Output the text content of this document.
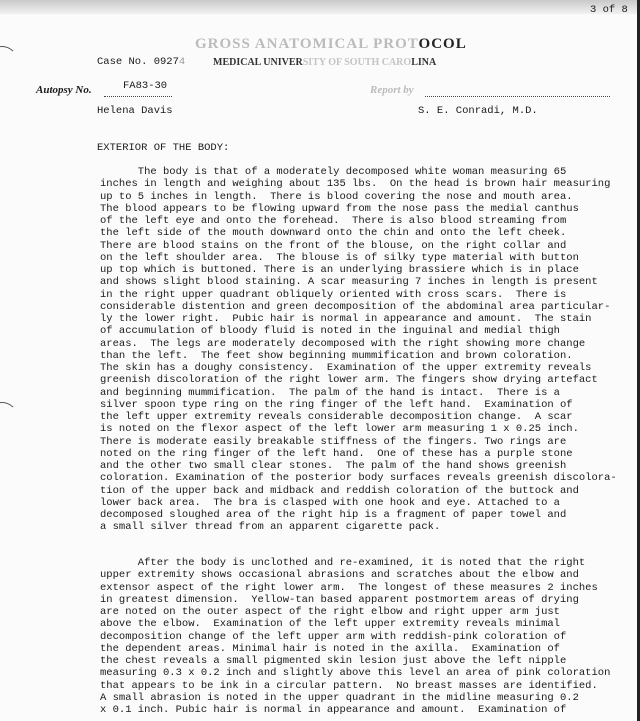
3 of 8
GROSS ANATOMICAL PROTOCOL
Case No. 09274	MEDICAL UNIVERSITY OF SOUTH CAROLINA
Autopsy No.	FA83-30	Report by
Helena Davis	S. E. Conradi, M.D.
EXTERIOR OF THE BODY:
The body is that of a moderately decomposed white woman measuring 65
inches in length and weighing about 135 lbs.  On the head is brown hair measuring
up to 5 inches in length.  There is blood covering the nose and mouth area.
The blood appears to be flowing upward from the nose pass the medial canthus
of the left eye and onto the forehead.  There is also blood streaming from
the left side of the mouth downward onto the chin and onto the left cheek.
There are blood stains on the front of the blouse, on the right collar and
on the left shoulder area.  The blouse is of silky type material with button
up top which is buttoned. There is an underlying brassiere which is in place
and shows slight blood staining. A scar measuring 7 inches in length is present
in the right upper quadrant obliquely oriented with cross scars.  There is
considerable distention and green decomposition of the abdominal area particular-
ly the lower right.  Pubic hair is normal in appearance and amount.  The stain
of accumulation of bloody fluid is noted in the inguinal and medial thigh
areas.  The legs are moderately decomposed with the right showing more change
than the left.  The feet show beginning mummification and brown coloration.
The skin has a doughy consistency.  Examination of the upper extremity reveals
greenish discoloration of the right lower arm. The fingers show drying artefact
and beginning mummification.  The palm of the hand is intact.  There is a
silver spoon type ring on the ring finger of the left hand.  Examination of
the left upper extremity reveals considerable decomposition change.  A scar
is noted on the flexor aspect of the left lower arm measuring 1 x 0.25 inch.
There is moderate easily breakable stiffness of the fingers. Two rings are
noted on the ring finger of the left hand.  One of these has a purple stone
and the other two small clear stones.  The palm of the hand shows greenish
coloration. Examination of the posterior body surfaces reveals greenish discolora-
tion of the upper back and midback and reddish coloration of the buttock and
lower back area.  The bra is clasped with one hook and eye. Attached to a
decomposed sloughed area of the right hip is a fragment of paper towel and
a small silver thread from an apparent cigarette pack.
After the body is unclothed and re-examined, it is noted that the right
upper extremity shows occasional abrasions and scratches about the elbow and
extensor aspect of the right lower arm.  The longest of these measures 2 inches
in greatest dimension.  Yellow-tan based apparent postmortem areas of drying
are noted on the outer aspect of the right elbow and right upper arm just
above the elbow.  Examination of the left upper extremity reveals minimal
decomposition change of the left upper arm with reddish-pink coloration of
the dependent areas. Minimal hair is noted in the axilla.  Examination of
the chest reveals a small pigmented skin lesion just above the left nipple
measuring 0.3 x 0.2 inch and slightly above this level an area of pink coloration
that appears to be ink in a circular pattern.  No breast masses are identified.
A small abrasion is noted in the upper quadrant in the midline measuring 0.2
x 0.1 inch. Pubic hair is normal in appearance and amount.  Examination of
